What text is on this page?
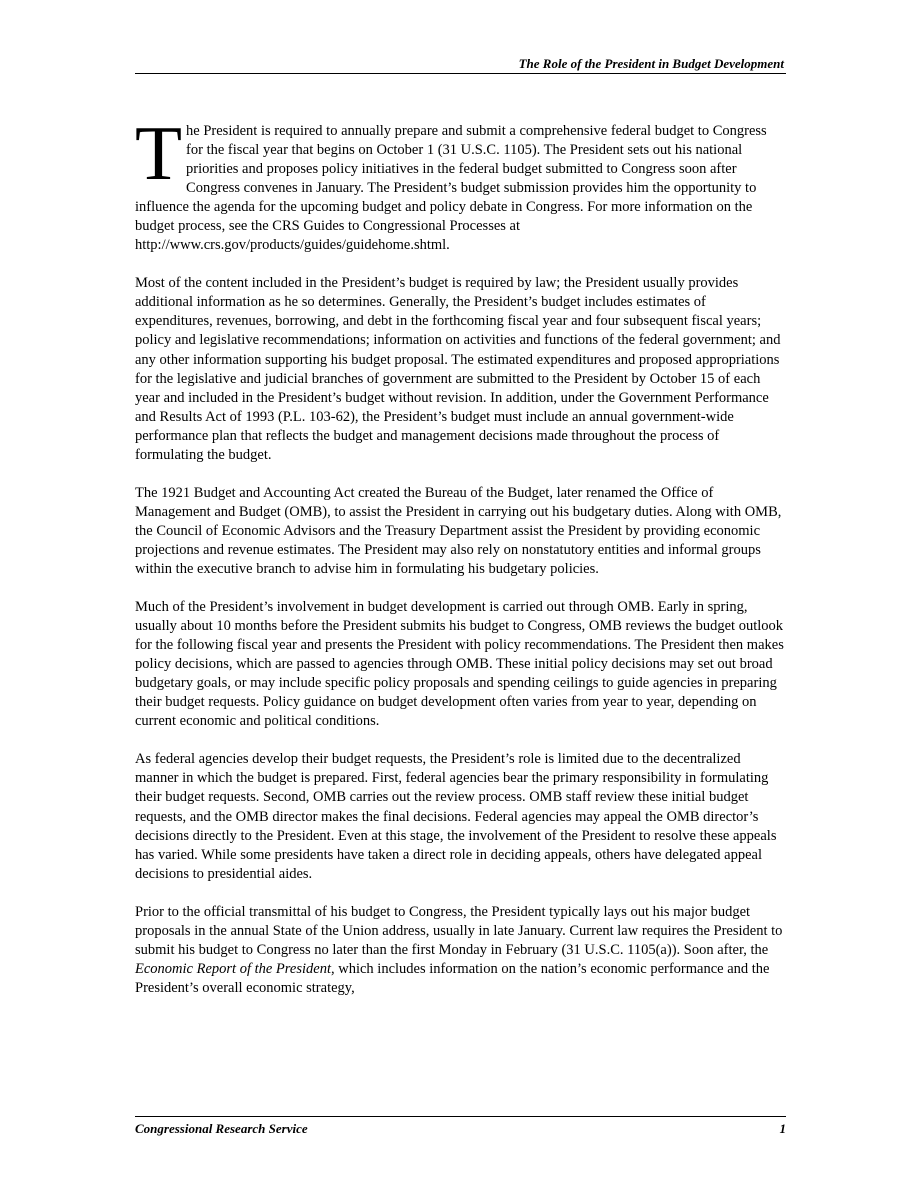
The Role of the President in Budget Development

The President is required to annually prepare and submit a comprehensive federal budget to Congress for the fiscal year that begins on October 1 (31 U.S.C. 1105). The President sets out his national priorities and proposes policy initiatives in the federal budget submitted to Congress soon after Congress convenes in January. The President’s budget submission provides him the opportunity to influence the agenda for the upcoming budget and policy debate in Congress. For more information on the budget process, see the CRS Guides to Congressional Processes at http://www.crs.gov/products/guides/guidehome.shtml.

Most of the content included in the President’s budget is required by law; the President usually provides additional information as he so determines. Generally, the President’s budget includes estimates of expenditures, revenues, borrowing, and debt in the forthcoming fiscal year and four subsequent fiscal years; policy and legislative recommendations; information on activities and functions of the federal government; and any other information supporting his budget proposal. The estimated expenditures and proposed appropriations for the legislative and judicial branches of government are submitted to the President by October 15 of each year and included in the President’s budget without revision. In addition, under the Government Performance and Results Act of 1993 (P.L. 103-62), the President’s budget must include an annual government-wide performance plan that reflects the budget and management decisions made throughout the process of formulating the budget.

The 1921 Budget and Accounting Act created the Bureau of the Budget, later renamed the Office of Management and Budget (OMB), to assist the President in carrying out his budgetary duties. Along with OMB, the Council of Economic Advisors and the Treasury Department assist the President by providing economic projections and revenue estimates. The President may also rely on nonstatutory entities and informal groups within the executive branch to advise him in formulating his budgetary policies.

Much of the President’s involvement in budget development is carried out through OMB. Early in spring, usually about 10 months before the President submits his budget to Congress, OMB reviews the budget outlook for the following fiscal year and presents the President with policy recommendations. The President then makes policy decisions, which are passed to agencies through OMB. These initial policy decisions may set out broad budgetary goals, or may include specific policy proposals and spending ceilings to guide agencies in preparing their budget requests. Policy guidance on budget development often varies from year to year, depending on current economic and political conditions.

As federal agencies develop their budget requests, the President’s role is limited due to the decentralized manner in which the budget is prepared. First, federal agencies bear the primary responsibility in formulating their budget requests. Second, OMB carries out the review process. OMB staff review these initial budget requests, and the OMB director makes the final decisions. Federal agencies may appeal the OMB director’s decisions directly to the President. Even at this stage, the involvement of the President to resolve these appeals has varied. While some presidents have taken a direct role in deciding appeals, others have delegated appeal decisions to presidential aides.

Prior to the official transmittal of his budget to Congress, the President typically lays out his major budget proposals in the annual State of the Union address, usually in late January. Current law requires the President to submit his budget to Congress no later than the first Monday in February (31 U.S.C. 1105(a)). Soon after, the Economic Report of the President, which includes information on the nation’s economic performance and the President’s overall economic strategy,

Congressional Research Service	1
